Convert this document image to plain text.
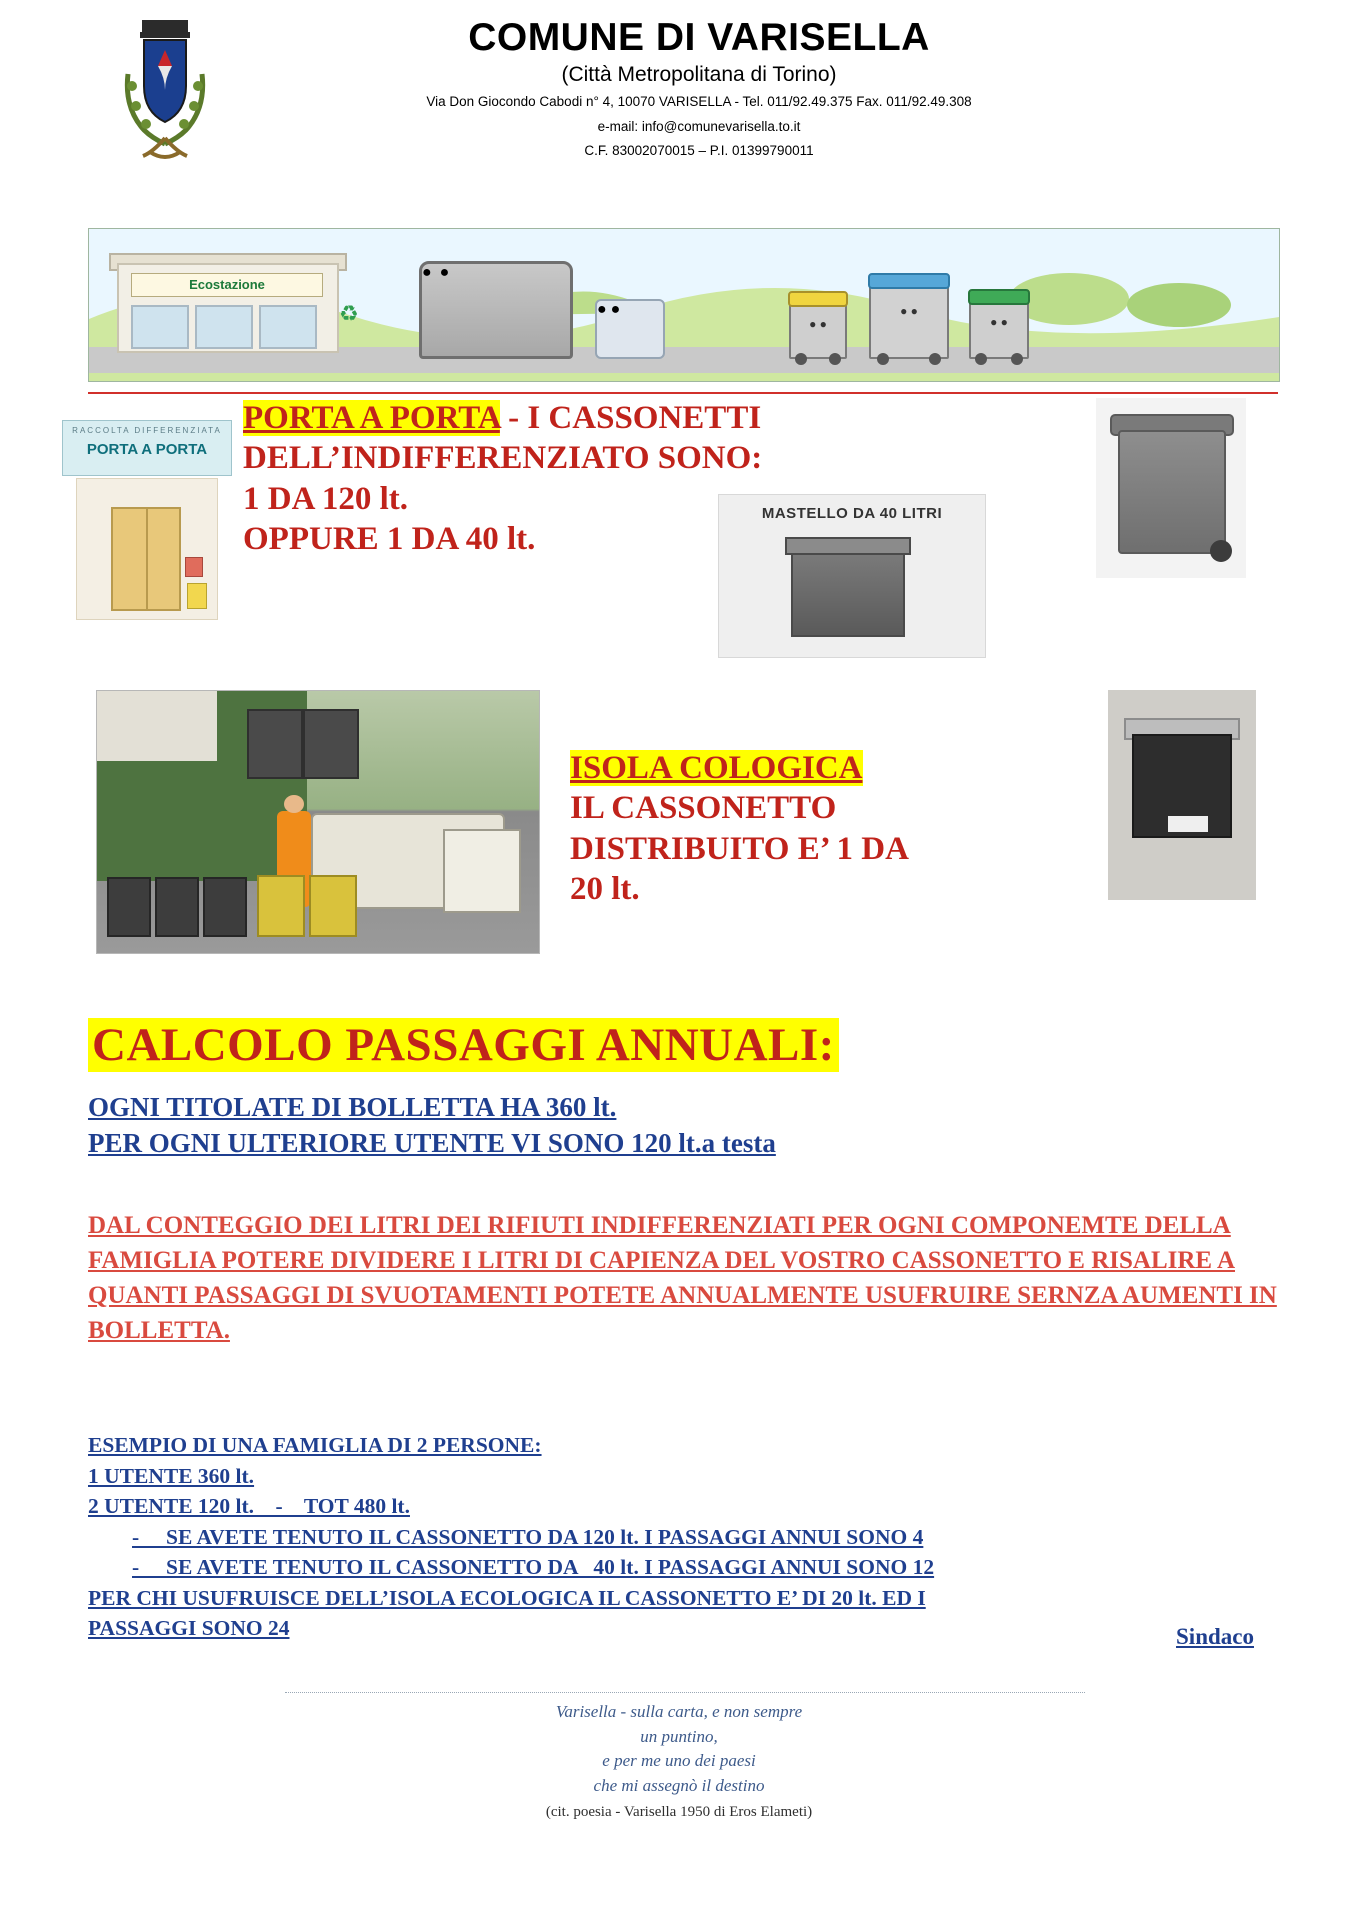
COMUNE DI VARISELLA
(Città Metropolitana di Torino)
Via Don Giocondo Cabodi n° 4, 10070 VARISELLA - Tel. 011/92.49.375 Fax. 011/92.49.308
e-mail: info@comunevarisella.to.it
C.F. 83002070015 – P.I. 01399790011
Ecostazione
♻
●  ●
● ●
● ●
● ●
● ●
RACCOLTA DIFFERENZIATA
PORTA A PORTA
PORTA A PORTA - I CASSONETTI
DELL’INDIFFERENZIATO SONO:
1 DA 120 lt.
OPPURE 1 DA 40 lt.
MASTELLO DA 40 LITRI
ISOLA COLOGICA
IL CASSONETTO
DISTRIBUITO E’ 1 DA
20 lt.
CALCOLO PASSAGGI ANNUALI:
OGNI TITOLATE DI BOLLETTA HA 360 lt.
PER OGNI ULTERIORE UTENTE VI SONO 120 lt.a testa
DAL CONTEGGIO DEI LITRI DEI RIFIUTI INDIFFERENZIATI PER OGNI COMPONEMTE DELLA FAMIGLIA POTERE DIVIDERE I LITRI DI CAPIENZA DEL VOSTRO CASSONETTO E RISALIRE A QUANTI PASSAGGI DI SVUOTAMENTI POTETE ANNUALMENTE USUFRUIRE SERNZA AUMENTI IN BOLLETTA.
ESEMPIO DI UNA FAMIGLIA DI 2 PERSONE:
1 UTENTE 360 lt.
2 UTENTE 120 lt.    -    TOT 480 lt.
-     SE AVETE TENUTO IL CASSONETTO DA 120 lt. I PASSAGGI ANNUI SONO 4
-     SE AVETE TENUTO IL CASSONETTO DA   40 lt. I PASSAGGI ANNUI SONO 12
PER CHI USUFRUISCE DELL’ISOLA ECOLOGICA IL CASSONETTO E’ DI 20 lt. ED I
PASSAGGI SONO 24	Sindaco
Varisella - sulla carta, e non sempre
un puntino,
e per me uno dei paesi
che mi assegnò il destino
(cit. poesia - Varisella 1950 di Eros Elameti)
